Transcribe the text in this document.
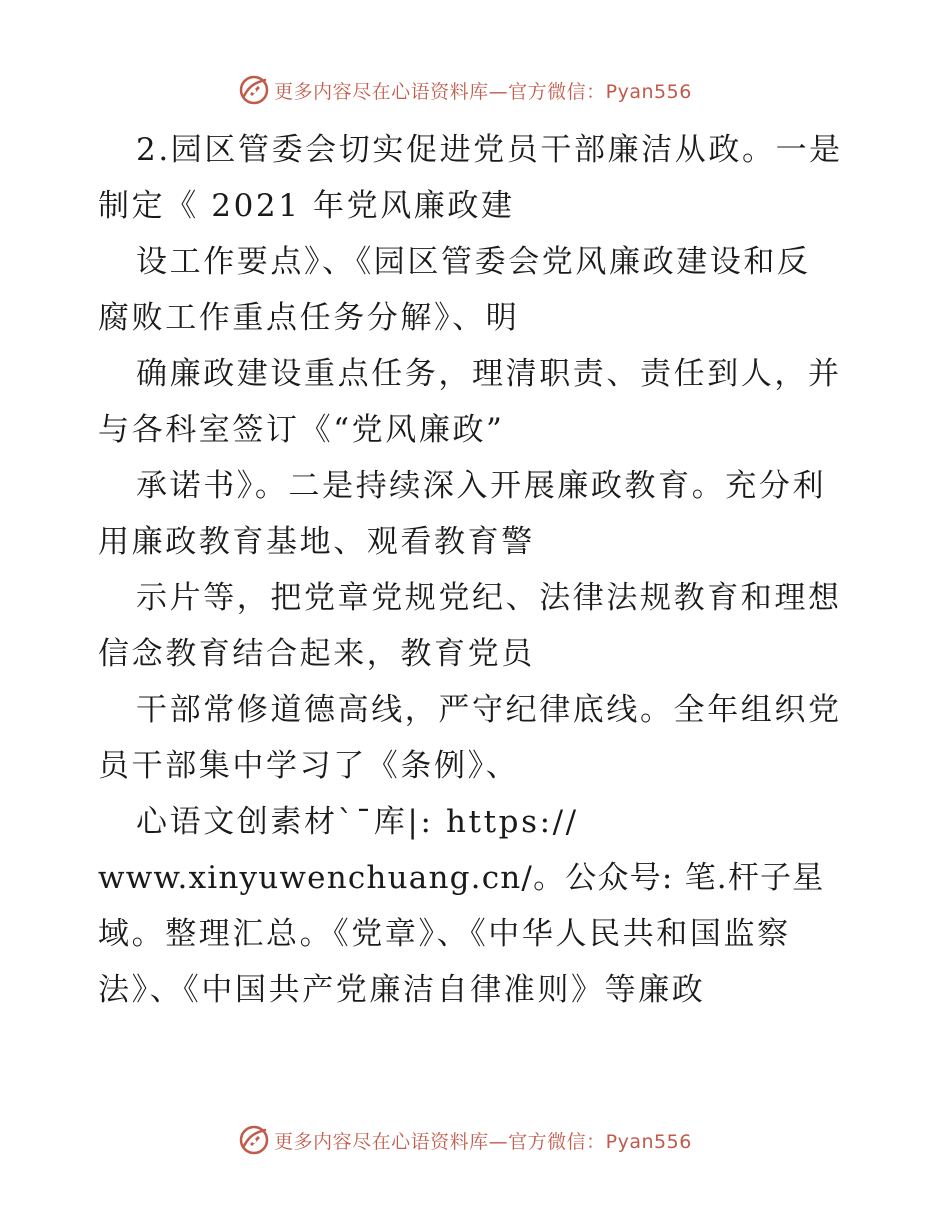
更多内容尽在心语资料库—官方微信：Pyan556
2.园区管委会切实促进党员干部廉洁从政。一是
制定《 2021 年党风廉政建
设工作要点》、《园区管委会党风廉政建设和反
腐败工作重点任务分解》、明
确廉政建设重点任务，理清职责、责任到人，并
与各科室签订《“党风廉政”
承诺书》。二是持续深入开展廉政教育。充分利
用廉政教育基地、观看教育警
示片等，把党章党规党纪、法律法规教育和理想
信念教育结合起来，教育党员
干部常修道德高线，严守纪律底线。全年组织党
员干部集中学习了《条例》、
心语文创素材`¯库|: https://
www.xinyuwenchuang.cn/。公众号: 笔.杆子星
域。整理汇总。《党章》、《中华人民共和国监察
法》、《中国共产党廉洁自律准则》等廉政
更多内容尽在心语资料库—官方微信：Pyan556
